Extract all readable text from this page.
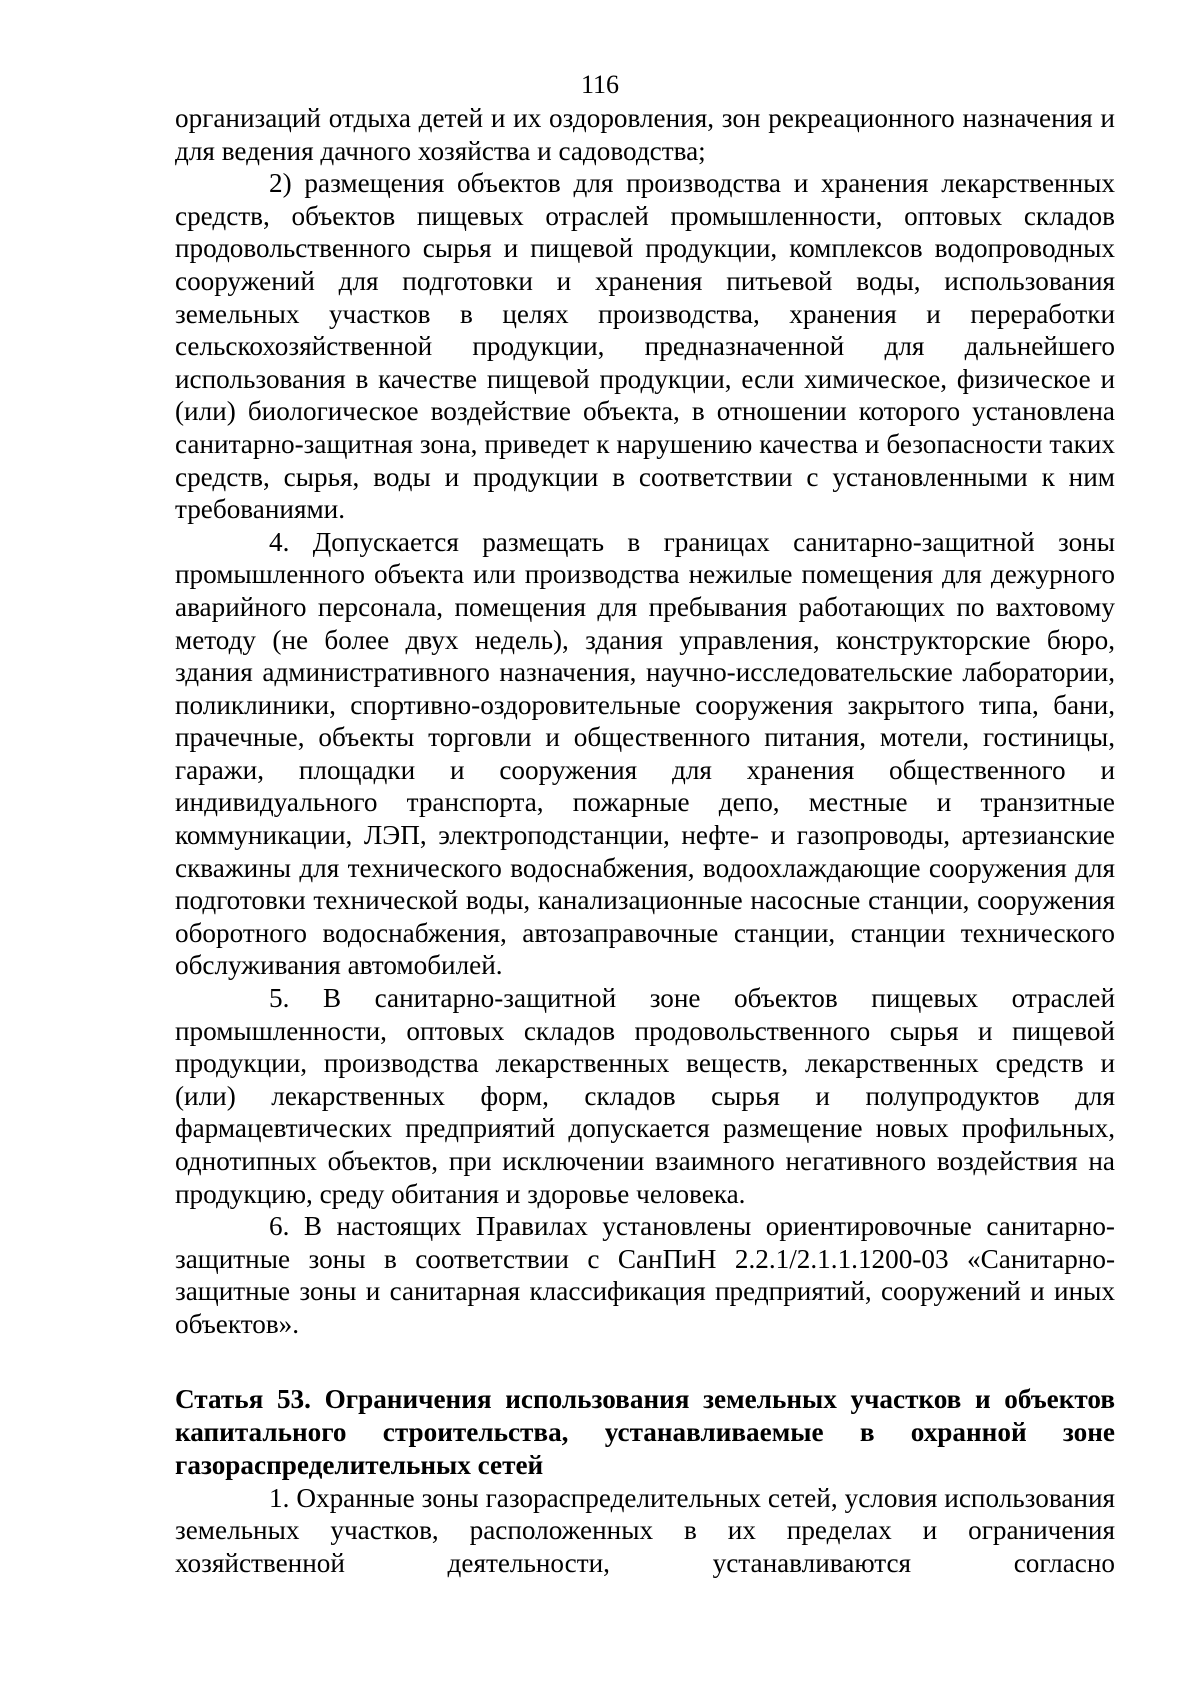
116

организаций отдыха детей и их оздоровления, зон рекреационного назначения и для ведения дачного хозяйства и садоводства;

2) размещения объектов для производства и хранения лекарственных средств, объектов пищевых отраслей промышленности, оптовых складов продовольственного сырья и пищевой продукции, комплексов водопроводных сооружений для подготовки и хранения питьевой воды, использования земельных участков в целях производства, хранения и переработки сельскохозяйственной продукции, предназначенной для дальнейшего использования в качестве пищевой продукции, если химическое, физическое и (или) биологическое воздействие объекта, в отношении которого установлена санитарно-защитная зона, приведет к нарушению качества и безопасности таких средств, сырья, воды и продукции в соответствии с установленными к ним требованиями.

4. Допускается размещать в границах санитарно-защитной зоны промышленного объекта или производства нежилые помещения для дежурного аварийного персонала, помещения для пребывания работающих по вахтовому методу (не более двух недель), здания управления, конструкторские бюро, здания административного назначения, научно-исследовательские лаборатории, поликлиники, спортивно-оздоровительные сооружения закрытого типа, бани, прачечные, объекты торговли и общественного питания, мотели, гостиницы, гаражи, площадки и сооружения для хранения общественного и индивидуального транспорта, пожарные депо, местные и транзитные коммуникации, ЛЭП, электроподстанции, нефте- и газопроводы, артезианские скважины для технического водоснабжения, водоохлаждающие сооружения для подготовки технической воды, канализационные насосные станции, сооружения оборотного водоснабжения, автозаправочные станции, станции технического обслуживания автомобилей.

5. В санитарно-защитной зоне объектов пищевых отраслей промышленности, оптовых складов продовольственного сырья и пищевой продукции, производства лекарственных веществ, лекарственных средств и (или) лекарственных форм, складов сырья и полупродуктов для фармацевтических предприятий допускается размещение новых профильных, однотипных объектов, при исключении взаимного негативного воздействия на продукцию, среду обитания и здоровье человека.

6. В настоящих Правилах установлены ориентировочные санитарно-защитные зоны в соответствии с СанПиН 2.2.1/2.1.1.1200-03 «Санитарно-защитные зоны и санитарная классификация предприятий, сооружений и иных объектов».

Статья 53. Ограничения использования земельных участков и объектов капитального строительства, устанавливаемые в охранной зоне газораспределительных сетей

1. Охранные зоны газораспределительных сетей, условия использования земельных участков, расположенных в их пределах и ограничения хозяйственной деятельности, устанавливаются согласно
